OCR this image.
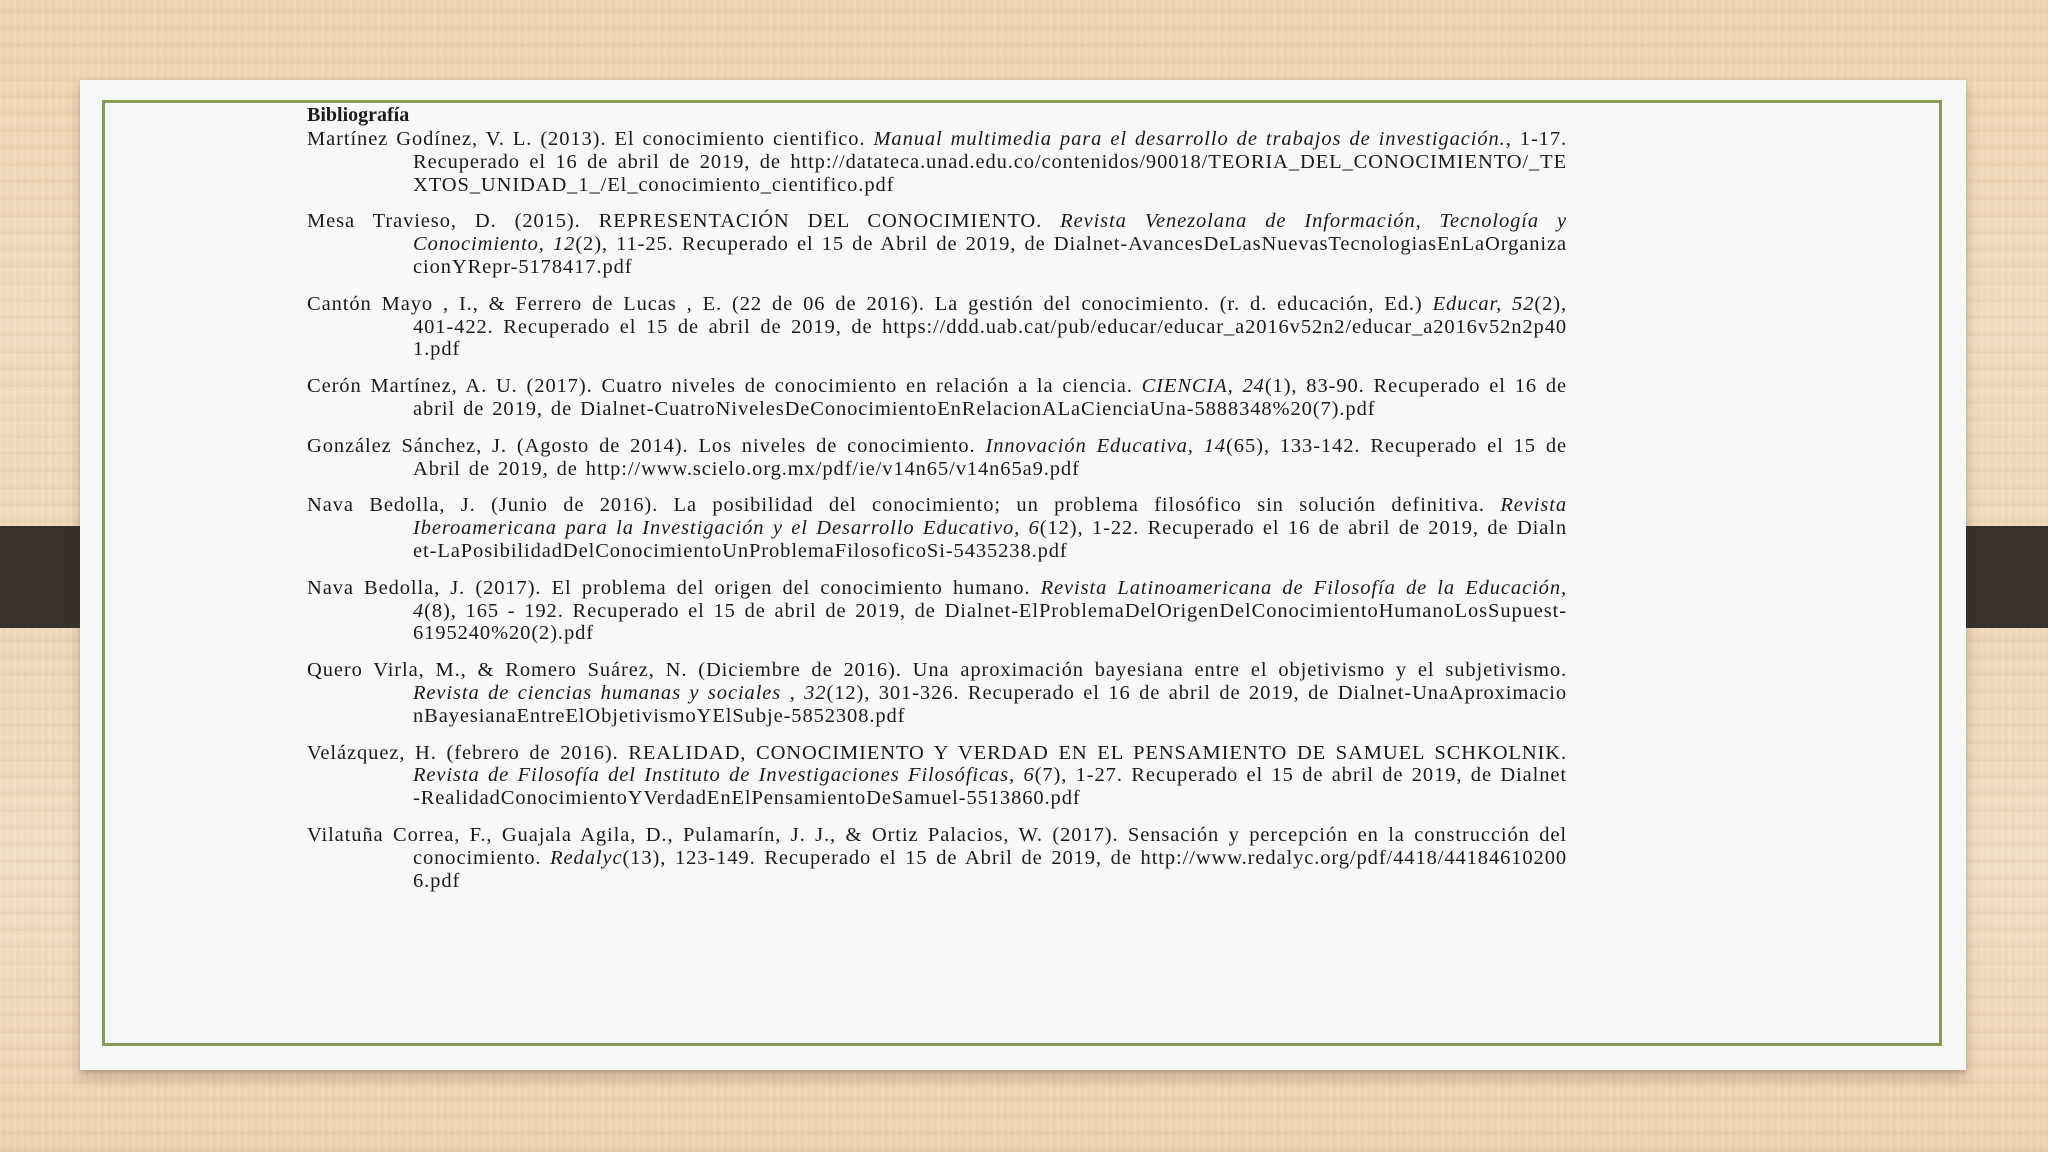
Bibliografía

Martínez Godínez, V. L. (2013). El conocimiento cientifico. Manual multimedia para el desarrollo de trabajos de investigación., 1-17. Recuperado el 16 de abril de 2019, de http://datateca.unad.edu.co/contenidos/90018/TEORIA_DEL_CONOCIMIENTO/_TEXTOS_UNIDAD_1_/El_conocimiento_cientifico.pdf

Mesa Travieso, D. (2015). REPRESENTACIÓN DEL CONOCIMIENTO. Revista Venezolana de Información, Tecnología y Conocimiento, 12(2), 11-25. Recuperado el 15 de Abril de 2019, de Dialnet-AvancesDeLasNuevasTecnologiasEnLaOrganizacionYRepr-5178417.pdf

Cantón Mayo , I., & Ferrero de Lucas , E. (22 de 06 de 2016). La gestión del conocimiento. (r. d. educación, Ed.) Educar, 52(2), 401-422. Recuperado el 15 de abril de 2019, de https://ddd.uab.cat/pub/educar/educar_a2016v52n2/educar_a2016v52n2p401.pdf

Cerón Martínez, A. U. (2017). Cuatro niveles de conocimiento en relación a la ciencia. CIENCIA, 24(1), 83-90. Recuperado el 16 de abril de 2019, de Dialnet-CuatroNivelesDeConocimientoEnRelacionALaCienciaUna-5888348%20(7).pdf

González Sánchez, J. (Agosto de 2014). Los niveles de conocimiento. Innovación Educativa, 14(65), 133-142. Recuperado el 15 de Abril de 2019, de http://www.scielo.org.mx/pdf/ie/v14n65/v14n65a9.pdf

Nava Bedolla, J. (Junio de 2016). La posibilidad del conocimiento; un problema filosófico sin solución definitiva. Revista Iberoamericana para la Investigación y el Desarrollo Educativo, 6(12), 1-22. Recuperado el 16 de abril de 2019, de Dialnet-LaPosibilidadDelConocimientoUnProblemaFilosoficoSi-5435238.pdf

Nava Bedolla, J. (2017). El problema del origen del conocimiento humano. Revista Latinoamericana de Filosofía de la Educación, 4(8), 165 - 192. Recuperado el 15 de abril de 2019, de Dialnet-ElProblemaDelOrigenDelConocimientoHumanoLosSupuest-6195240%20(2).pdf

Quero Virla, M., & Romero Suárez, N. (Diciembre de 2016). Una aproximación bayesiana entre el objetivismo y el subjetivismo. Revista de ciencias humanas y sociales , 32(12), 301-326. Recuperado el 16 de abril de 2019, de Dialnet-UnaAproximacionBayesianaEntreElObjetivismoYElSubje-5852308.pdf

Velázquez, H. (febrero de 2016). REALIDAD, CONOCIMIENTO Y VERDAD EN EL PENSAMIENTO DE SAMUEL SCHKOLNIK. Revista de Filosofía del Instituto de Investigaciones Filosóficas, 6(7), 1-27. Recuperado el 15 de abril de 2019, de Dialnet-RealidadConocimientoYVerdadEnElPensamientoDeSamuel-5513860.pdf

Vilatuña Correa, F., Guajala Agila, D., Pulamarín, J. J., & Ortiz Palacios, W. (2017). Sensación y percepción en la construcción del conocimiento. Redalyc(13), 123-149. Recuperado el 15 de Abril de 2019, de http://www.redalyc.org/pdf/4418/441846102006.pdf
